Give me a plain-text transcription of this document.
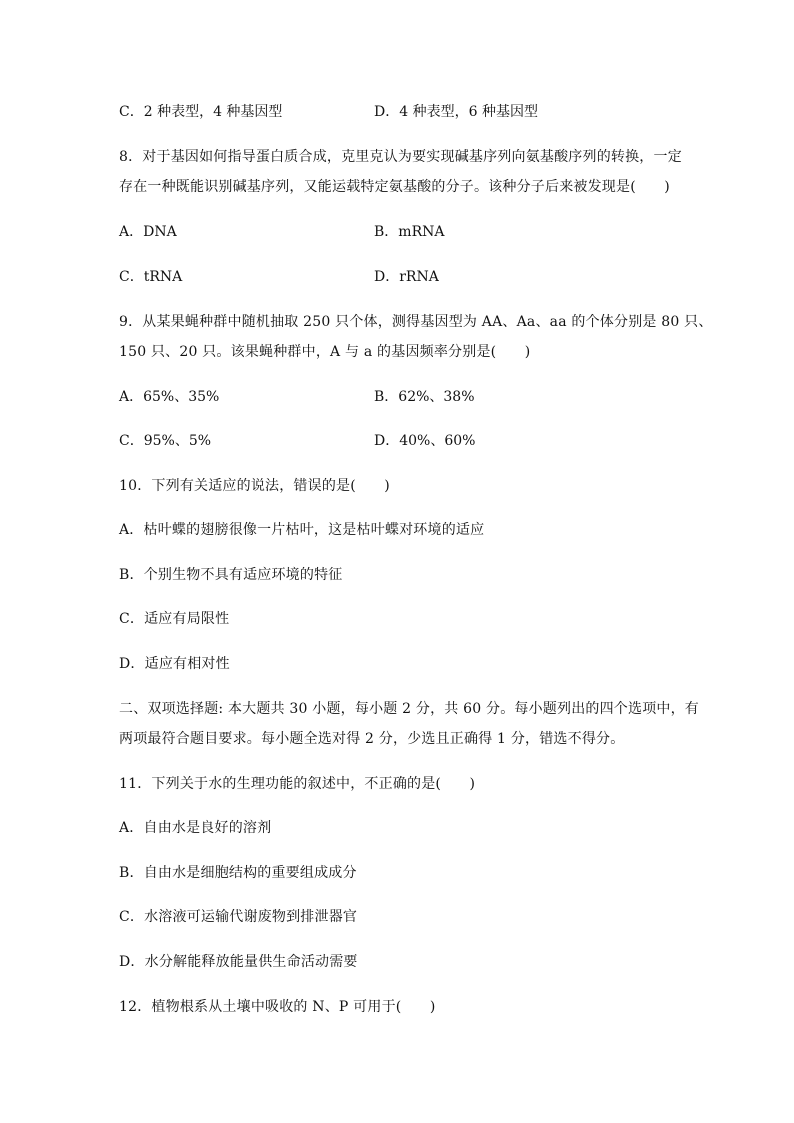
C．2 种表型，4 种基因型	D．4 种表型，6 种基因型
8．对于基因如何指导蛋白质合成，克里克认为要实现碱基序列向氨基酸序列的转换，一定
存在一种既能识别碱基序列，又能运载特定氨基酸的分子。该种分子后来被发现是(　　)
A．DNA	B．mRNA
C．tRNA	D．rRNA
9．从某果蝇种群中随机抽取 250 只个体，测得基因型为 AA、Aa、aa 的个体分别是 80 只、
150 只、20 只。该果蝇种群中，A 与 a 的基因频率分别是(　　)
A．65%、35%	B．62%、38%
C．95%、5%	D．40%、60%
10．下列有关适应的说法，错误的是(　　)
A．枯叶蝶的翅膀很像一片枯叶，这是枯叶蝶对环境的适应
B．个别生物不具有适应环境的特征
C．适应有局限性
D．适应有相对性
二、双项选择题: 本大题共 30 小题，每小题 2 分，共 60 分。每小题列出的四个选项中，有
两项最符合题目要求。每小题全选对得 2 分，少选且正确得 1 分，错选不得分。
11．下列关于水的生理功能的叙述中，不正确的是(　　)
A．自由水是良好的溶剂
B．自由水是细胞结构的重要组成成分
C．水溶液可运输代谢废物到排泄器官
D．水分解能释放能量供生命活动需要
12．植物根系从土壤中吸收的 N、P 可用于(　　)
